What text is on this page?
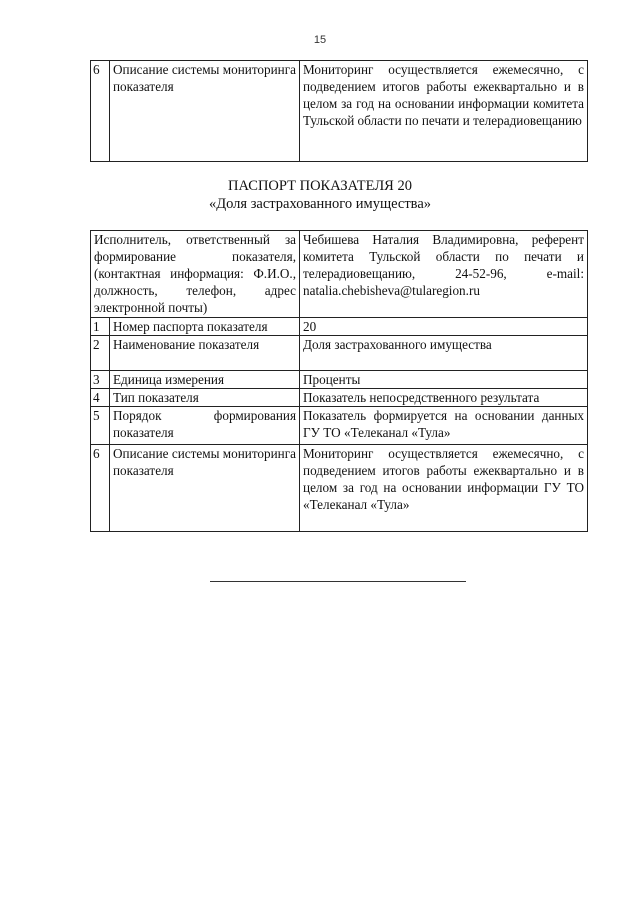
15
6	Описание системы мониторинга показателя	Мониторинг осуществляется ежемесячно, с подведением итогов работы ежеквартально и в целом за год на основании информации комитета Тульской области по печати и телерадиовещанию
ПАСПОРТ ПОКАЗАТЕЛЯ 20
«Доля застрахованного имущества»
Исполнитель, ответственный за формирование показателя, (контактная информация: Ф.И.О., должность, телефон, адрес электронной почты)		Чебишева Наталия Владимировна, референт комитета Тульской области по печати и телерадиовещанию, 24-52-96, e-mail: natalia.chebisheva@tularegion.ru
1	Номер паспорта показателя	20
2	Наименование показателя	Доля застрахованного имущества
3	Единица измерения	Проценты
4	Тип показателя	Показатель непосредственного результата
5	Порядок формирования показателя	Показатель формируется на основании данных ГУ ТО «Телеканал «Тула»
6	Описание системы мониторинга показателя	Мониторинг осуществляется ежемесячно, с подведением итогов работы ежеквартально и в целом за год на основании информации ГУ ТО «Телеканал «Тула»
